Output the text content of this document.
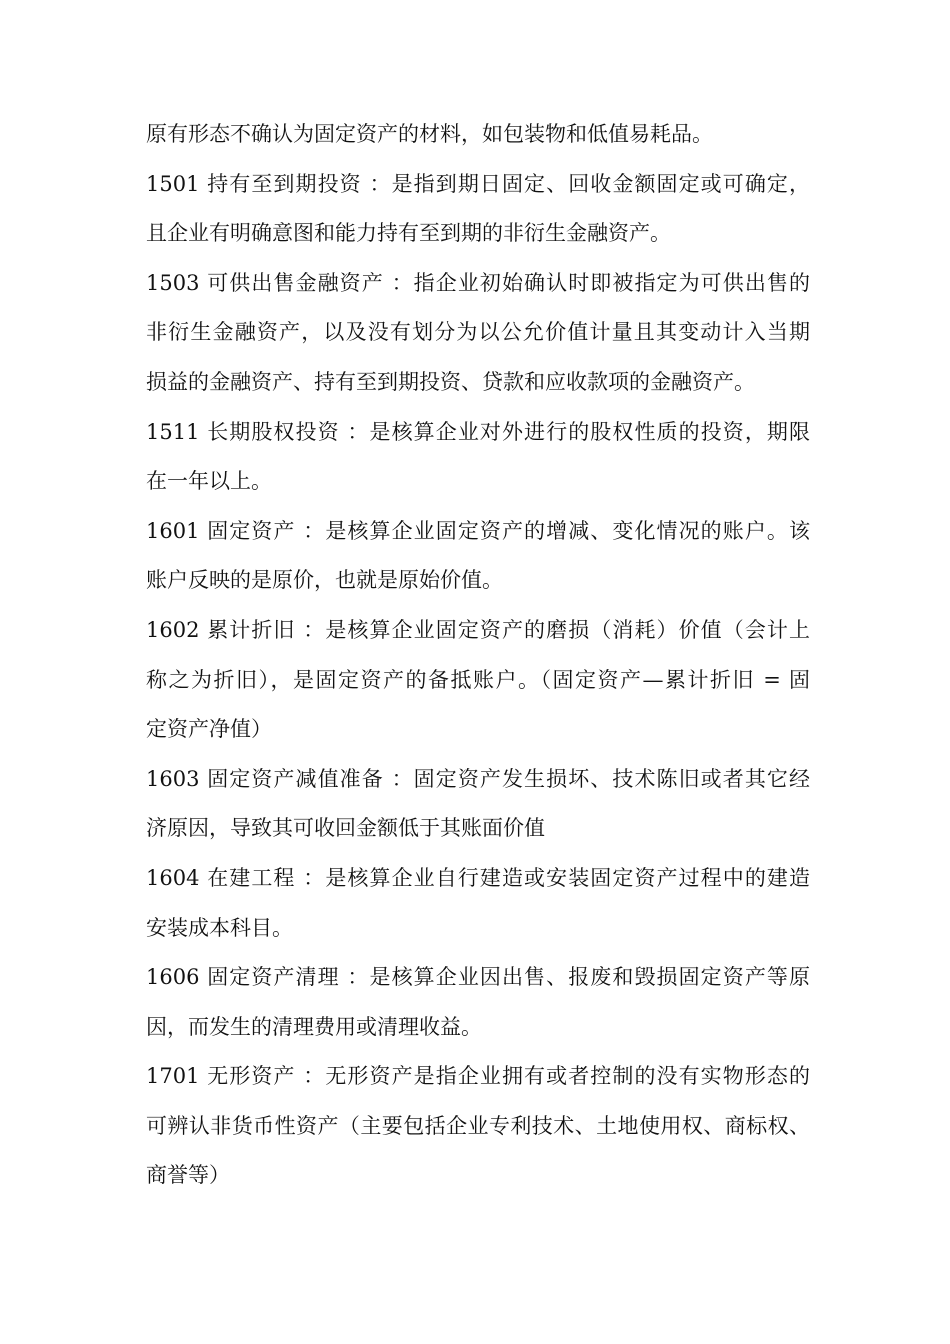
原有形态不确认为固定资产的材料，如包装物和低值易耗品。
1501 持有至到期投资 ：是指到期日固定、回收金额固定或可确定，
且企业有明确意图和能力持有至到期的非衍生金融资产。
1503 可供出售金融资产 ：指企业初始确认时即被指定为可供出售的
非衍生金融资产，以及没有划分为以公允价值计量且其变动计入当期
损益的金融资产、持有至到期投资、贷款和应收款项的金融资产。
1511 长期股权投资 ：是核算企业对外进行的股权性质的投资，期限
在一年以上。
1601 固定资产 ：是核算企业固定资产的增减、变化情况的账户。该
账户反映的是原价，也就是原始价值。
1602 累计折旧 ：是核算企业固定资产的磨损（消耗）价值（会计上
称之为折旧），是固定资产的备抵账户。（固定资产—累计折旧 = 固
定资产净值）
1603 固定资产减值准备 ：固定资产发生损坏、技术陈旧或者其它经
济原因，导致其可收回金额低于其账面价值
1604 在建工程 ：是核算企业自行建造或安装固定资产过程中的建造
安装成本科目。
1606 固定资产清理 ：是核算企业因出售、报废和毁损固定资产等原
因，而发生的清理费用或清理收益。
1701 无形资产 ：无形资产是指企业拥有或者控制的没有实物形态的
可辨认非货币性资产（主要包括企业专利技术、土地使用权、商标权、
商誉等）
